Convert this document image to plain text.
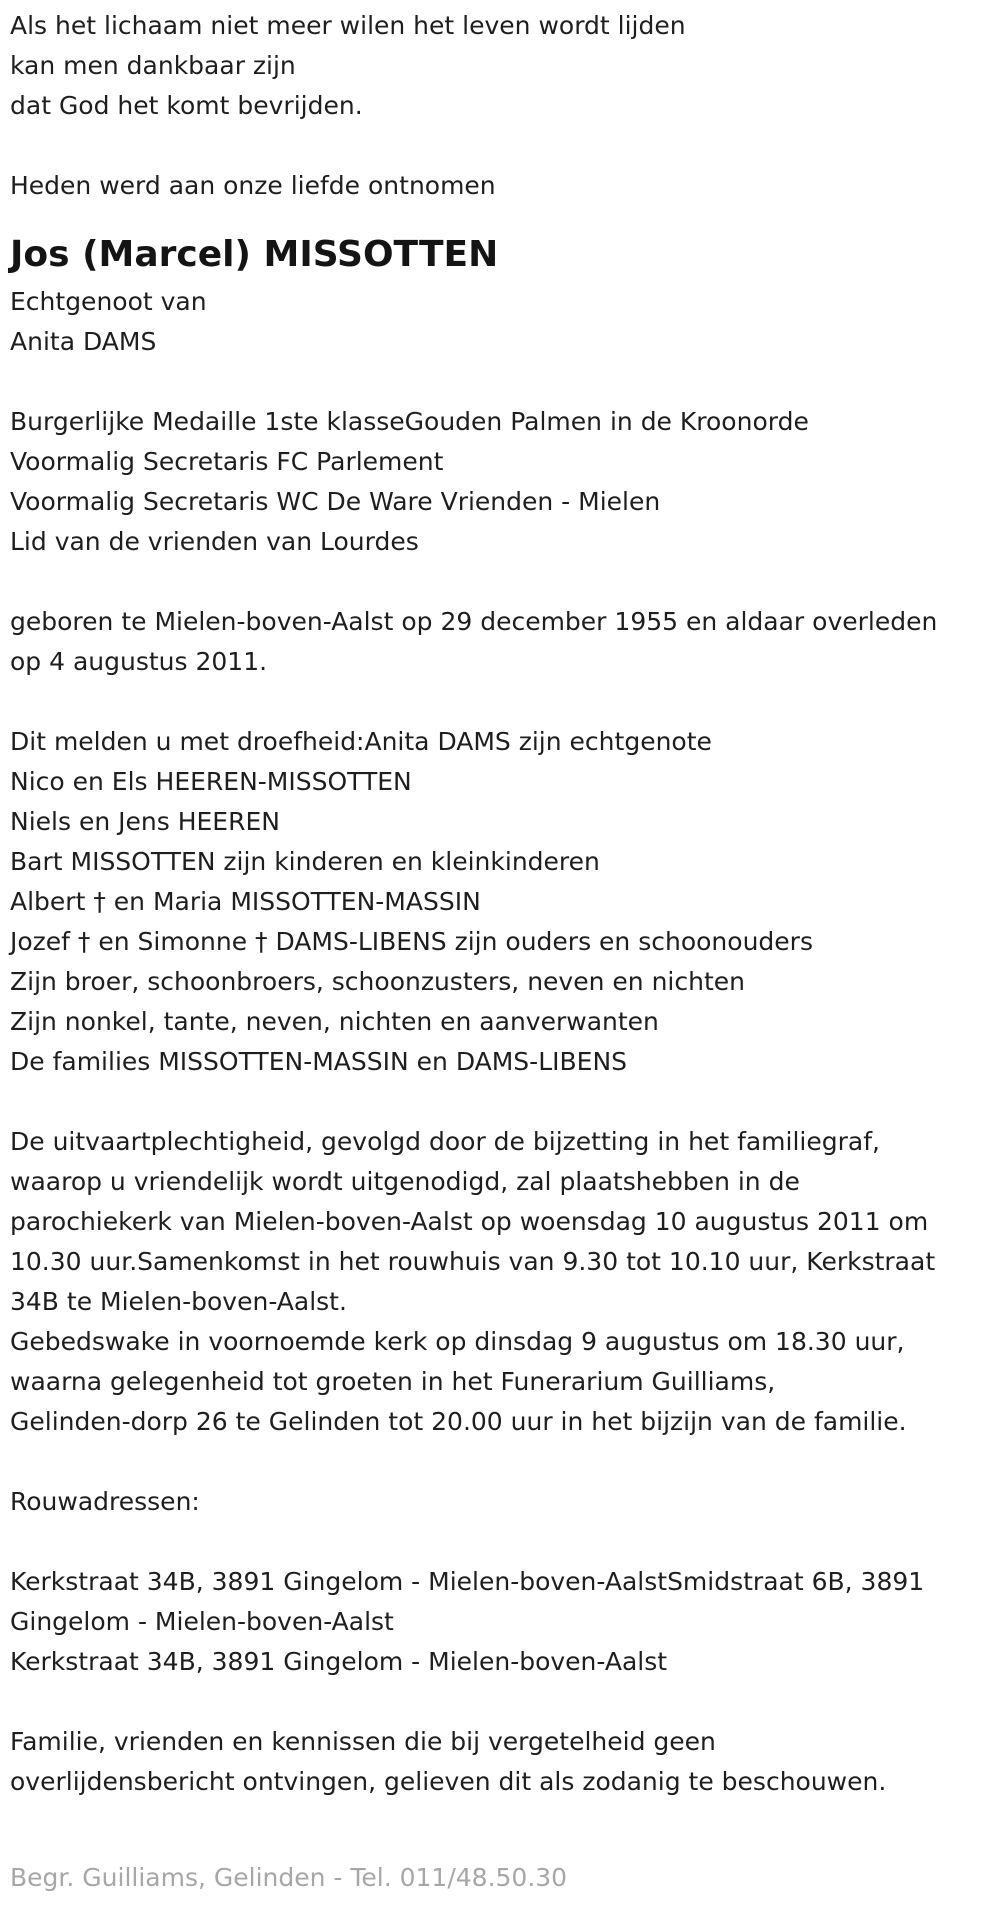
Als het lichaam niet meer wilen het leven wordt lijden
kan men dankbaar zijn
dat God het komt bevrijden.
Heden werd aan onze liefde ontnomen
Jos (Marcel) MISSOTTEN
Echtgenoot van
Anita DAMS
Burgerlijke Medaille 1ste klasseGouden Palmen in de Kroonorde
Voormalig Secretaris FC Parlement
Voormalig Secretaris WC De Ware Vrienden - Mielen
Lid van de vrienden van Lourdes
geboren te Mielen-boven-Aalst op 29 december 1955 en aldaar overleden
op 4 augustus 2011.
Dit melden u met droefheid:Anita DAMS zijn echtgenote
Nico en Els HEEREN-MISSOTTEN
Niels en Jens HEEREN
Bart MISSOTTEN zijn kinderen en kleinkinderen
Albert † en Maria MISSOTTEN-MASSIN
Jozef † en Simonne † DAMS-LIBENS zijn ouders en schoonouders
Zijn broer, schoonbroers, schoonzusters, neven en nichten
Zijn nonkel, tante, neven, nichten en aanverwanten
De families MISSOTTEN-MASSIN en DAMS-LIBENS
De uitvaartplechtigheid, gevolgd door de bijzetting in het familiegraf,
waarop u vriendelijk wordt uitgenodigd, zal plaatshebben in de
parochiekerk van Mielen-boven-Aalst op woensdag 10 augustus 2011 om
10.30 uur.Samenkomst in het rouwhuis van 9.30 tot 10.10 uur, Kerkstraat
34B te Mielen-boven-Aalst.
Gebedswake in voornoemde kerk op dinsdag 9 augustus om 18.30 uur,
waarna gelegenheid tot groeten in het Funerarium Guilliams,
Gelinden-dorp 26 te Gelinden tot 20.00 uur in het bijzijn van de familie.
Rouwadressen:
Kerkstraat 34B, 3891 Gingelom - Mielen-boven-AalstSmidstraat 6B, 3891
Gingelom - Mielen-boven-Aalst
Kerkstraat 34B, 3891 Gingelom - Mielen-boven-Aalst
Familie, vrienden en kennissen die bij vergetelheid geen
overlijdensbericht ontvingen, gelieven dit als zodanig te beschouwen.
Begr. Guilliams, Gelinden - Tel. 011/48.50.30
